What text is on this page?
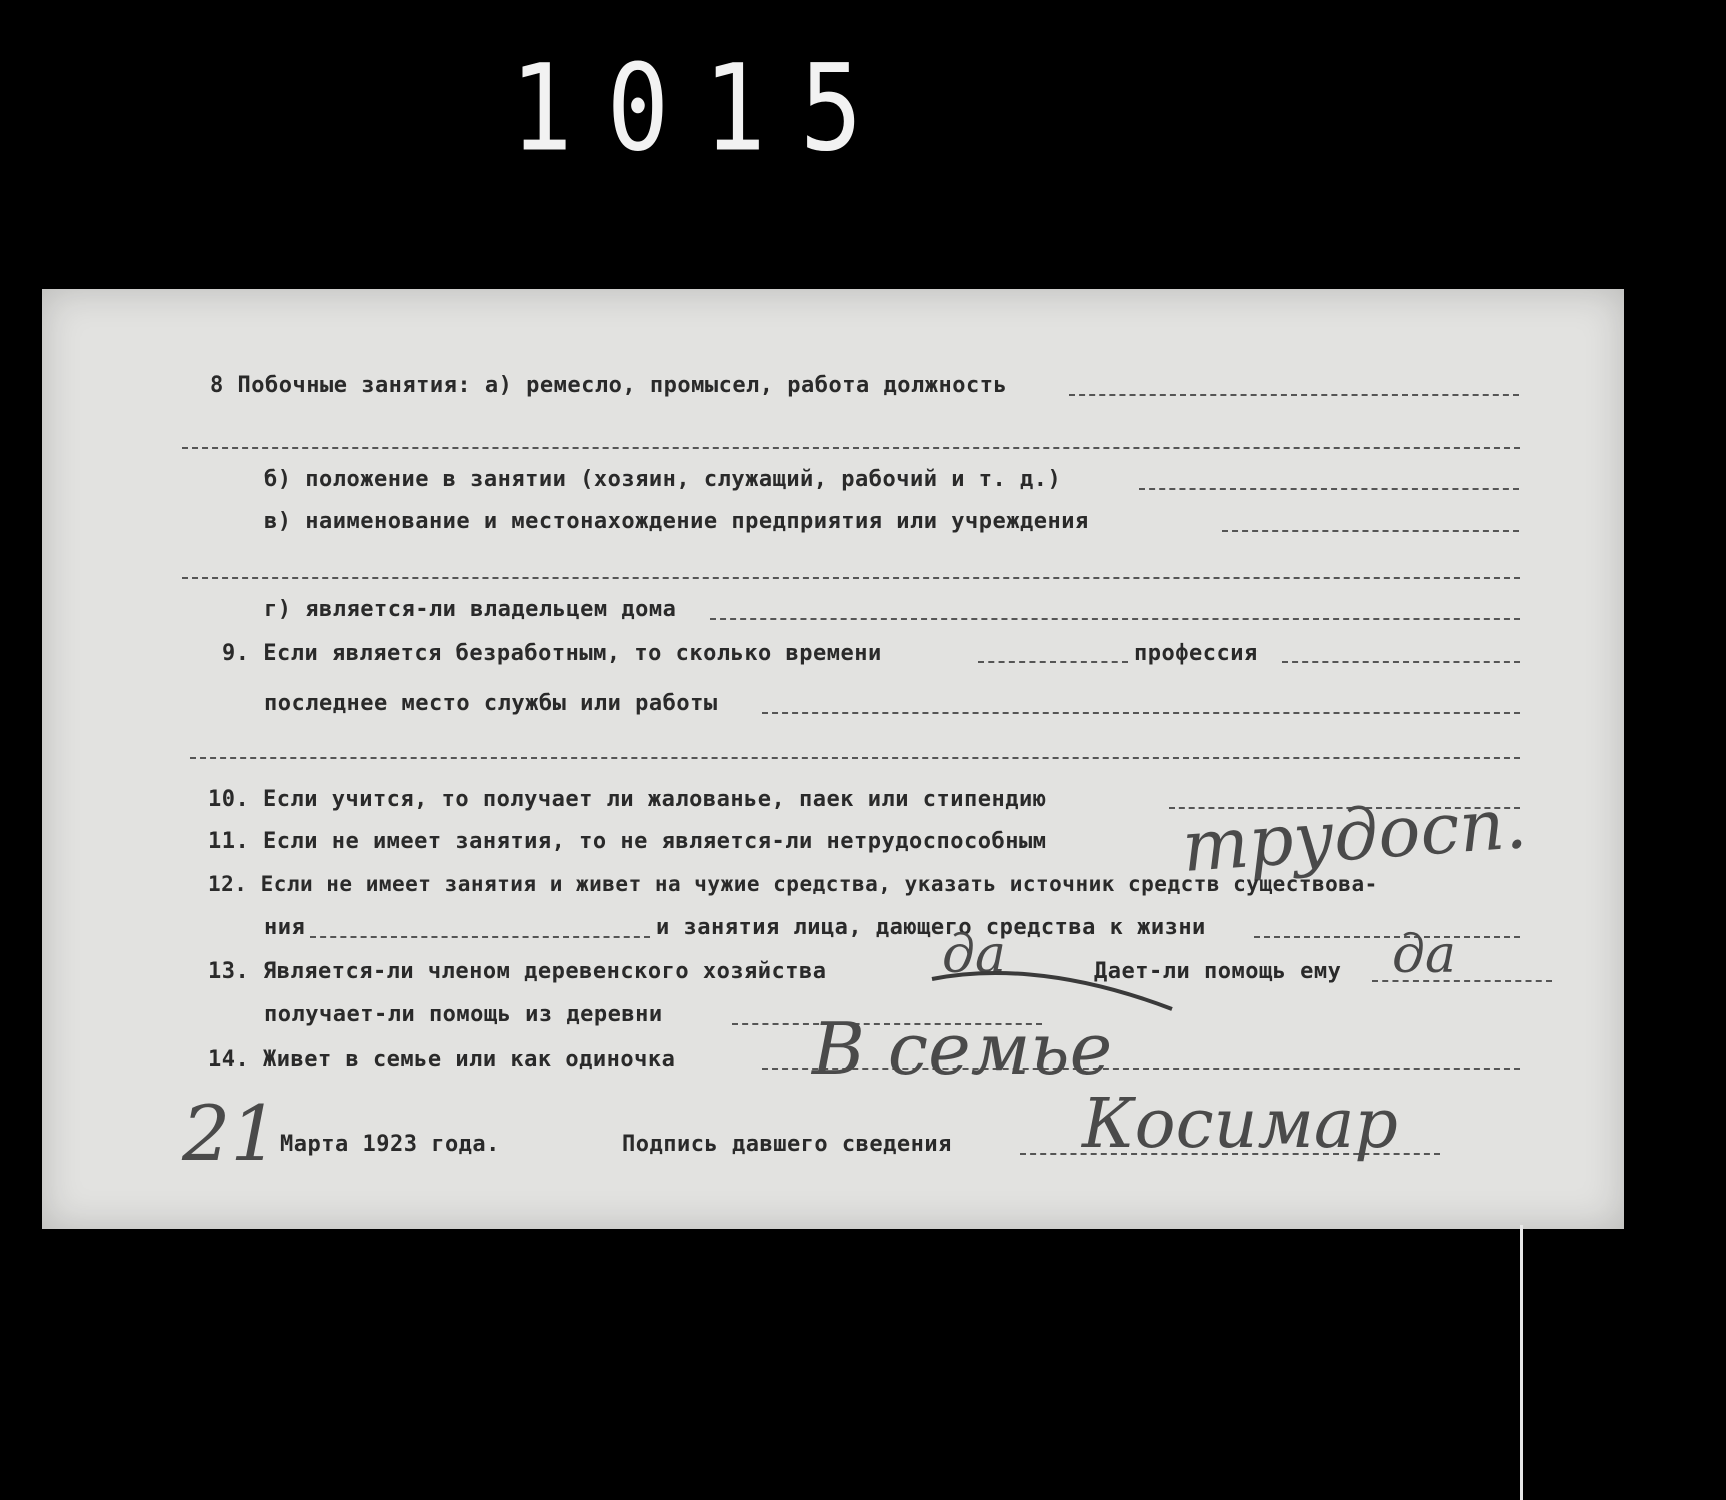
1015
8 Побочные занятия: а) ремесло, промысел, работа должность
б) положение в занятии (хозяин, служащий, рабочий и т. д.)
в) наименование и местонахождение предприятия или учреждения
г) является-ли владельцем дома
9. Если является безработным, то сколько времени	профессия
последнее место службы или работы
10. Если учится, то получает ли жалованье, паек или стипендию
11. Если не имеет занятия, то не является-ли нетрудоспособным трудосп.
12. Если не имеет занятия и живет на чужие средства, указать источник средств существова-
ния	и занятия лица, дающего средства к жизни
13. Является-ли членом деревенского хозяйства да	Дает-ли помощь ему да
получает-ли помощь из деревни
14. Живет в семье или как одиночка В семье
21 Марта 1923 года.	Подпись давшего сведения Косимар
